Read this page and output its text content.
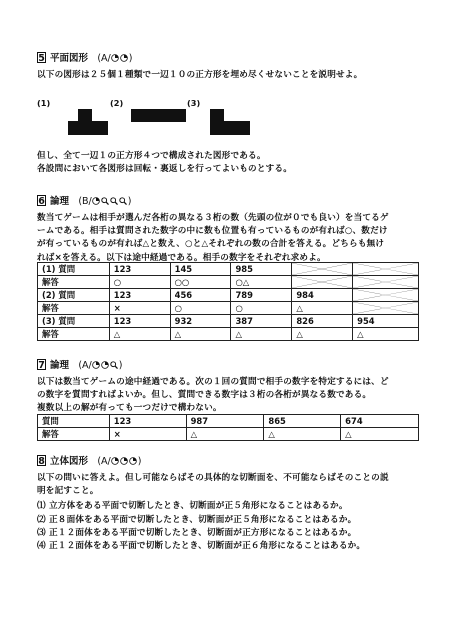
5 平面図形 (A/ )
以下の図形は２５個１種類で一辺１０の正方形を埋め尽くせないことを説明せよ。
(1)	(2)	(3)
但し、全て一辺１の正方形４つで構成された図形である。
各設問において各図形は回転・裏返しを行ってよいものとする。
6 論理 (B/	)
数当てゲームは相手が選んだ各桁の異なる３桁の数（先頭の位が０でも良い）を当てるゲ
ームである。相手は質問された数字の中に数も位置も有っているものが有れば○、数だけ
が有っているものが有れば△と数え、○と△それぞれの数の合計を答える。どちらも無け
れば×を答える。以下は途中経過である。相手の数字をそれぞれ求めよ。
(1) 質問	123	145	985	

解答	○	○○	○△	

(2) 質問	123	456	789	984	

解答	×	○	○	△	

(3) 質問	123	932	387	826	954
解答	△	△	△	△	△
7 論理 (A/	)
以下は数当てゲームの途中経過である。次の１回の質問で相手の数字を特定するには、ど
の数字を質問すればよいか。但し、質問できる数字は３桁の各桁が異なる数である。
複数以上の解が有っても一つだけで構わない。
質問	123	987	865	674
解答	×	△	△	△
8 立体図形 (A/	)
以下の問いに答えよ。但し可能ならばその具体的な切断面を、不可能ならばそのことの説
明を記すこと。
⑴ 立方体をある平面で切断したとき、切断面が正５角形になることはあるか。
⑵ 正８面体をある平面で切断したとき、切断面が正５角形になることはあるか。
⑶ 正１２面体をある平面で切断したとき、切断面が正方形になることはあるか。
⑷ 正１２面体をある平面で切断したとき、切断面が正６角形になることはあるか。
